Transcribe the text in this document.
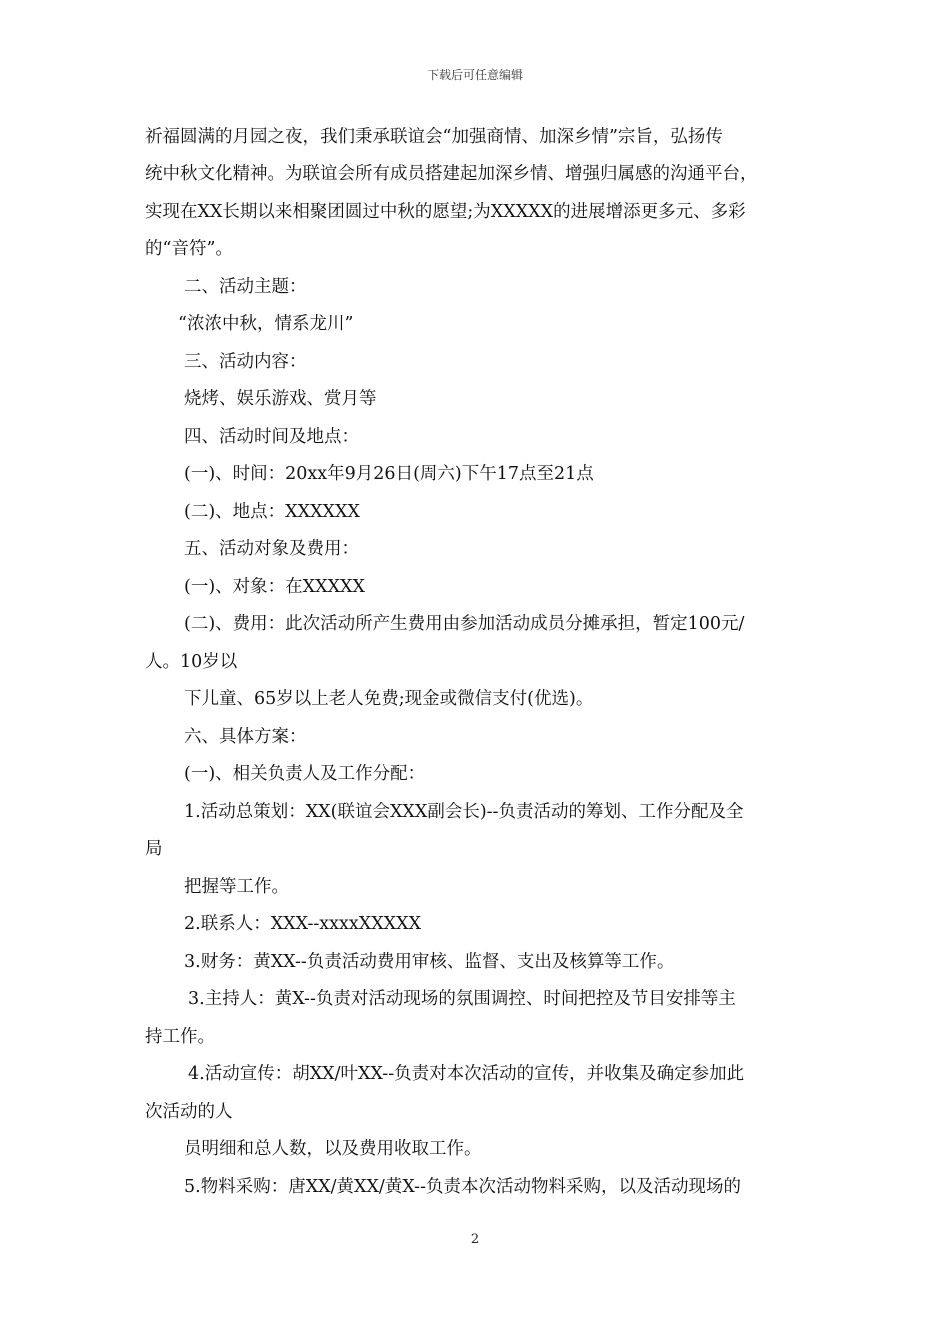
下载后可任意编辑
祈福圆满的月园之夜，我们秉承联谊会“加强商情、加深乡情”宗旨，弘扬传
统中秋文化精神。为联谊会所有成员搭建起加深乡情、增强归属感的沟通平台，
实现在XX长期以来相聚团圆过中秋的愿望;为XXXXX的进展增添更多元、多彩
的“音符”。
二、活动主题：
“浓浓中秋，情系龙川”
三、活动内容：
烧烤、娱乐游戏、赏月等
四、活动时间及地点：
(一)、时间：20xx年9月26日(周六)下午17点至21点
(二)、地点：XXXXXX
五、活动对象及费用：
(一)、对象：在XXXXX
(二)、费用：此次活动所产生费用由参加活动成员分摊承担，暂定100元/
人。10岁以
下儿童、65岁以上老人免费;现金或微信支付(优选)。
六、具体方案：
(一)、相关负责人及工作分配：
1.活动总策划：XX(联谊会XXX副会长)--负责活动的筹划、工作分配及全
局
把握等工作。
2.联系人：XXX--xxxxXXXXX
3.财务：黄XX--负责活动费用审核、监督、支出及核算等工作。
3.主持人：黄X--负责对活动现场的氛围调控、时间把控及节目安排等主
持工作。
4.活动宣传：胡XX/叶XX--负责对本次活动的宣传，并收集及确定参加此
次活动的人
员明细和总人数，以及费用收取工作。
5.物料采购：唐XX/黄XX/黄X--负责本次活动物料采购，以及活动现场的
2
